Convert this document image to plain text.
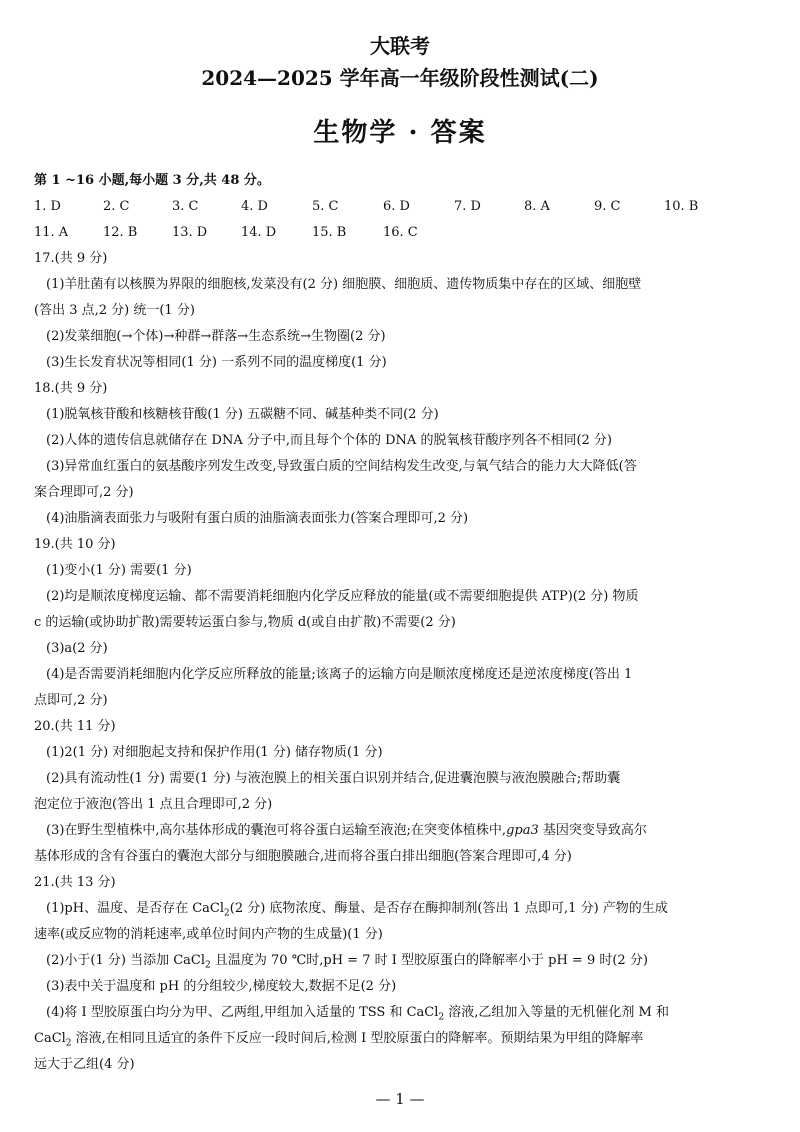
大联考
2024—2025 学年高一年级阶段性测试(二)
生物学 · 答案
第 1 ~16 小题,每小题 3 分,共 48 分。
1. D	2. C	3. C	4. D	5. C	6. D	7. D	8. A	9. C	10. B
11. A	12. B	13. D	14. D	15. B	16. C
17.(共 9 分)
(1)羊肚菌有以核膜为界限的细胞核,发菜没有(2 分) 细胞膜、细胞质、遗传物质集中存在的区域、细胞壁
(答出 3 点,2 分) 统一(1 分)
(2)发菜细胞(→个体)→种群→群落→生态系统→生物圈(2 分)
(3)生长发育状况等相同(1 分) 一系列不同的温度梯度(1 分)
18.(共 9 分)
(1)脱氧核苷酸和核糖核苷酸(1 分) 五碳糖不同、碱基种类不同(2 分)
(2)人体的遗传信息就储存在 DNA 分子中,而且每个个体的 DNA 的脱氧核苷酸序列各不相同(2 分)
(3)异常血红蛋白的氨基酸序列发生改变,导致蛋白质的空间结构发生改变,与氧气结合的能力大大降低(答
案合理即可,2 分)
(4)油脂滴表面张力与吸附有蛋白质的油脂滴表面张力(答案合理即可,2 分)
19.(共 10 分)
(1)变小(1 分) 需要(1 分)
(2)均是顺浓度梯度运输、都不需要消耗细胞内化学反应释放的能量(或不需要细胞提供 ATP)(2 分) 物质
c 的运输(或协助扩散)需要转运蛋白参与,物质 d(或自由扩散)不需要(2 分)
(3)a(2 分)
(4)是否需要消耗细胞内化学反应所释放的能量;该离子的运输方向是顺浓度梯度还是逆浓度梯度(答出 1
点即可,2 分)
20.(共 11 分)
(1)2(1 分) 对细胞起支持和保护作用(1 分) 储存物质(1 分)
(2)具有流动性(1 分) 需要(1 分) 与液泡膜上的相关蛋白识别并结合,促进囊泡膜与液泡膜融合;帮助囊
泡定位于液泡(答出 1 点且合理即可,2 分)
(3)在野生型植株中,高尔基体形成的囊泡可将谷蛋白运输至液泡;在突变体植株中,gpa3 基因突变导致高尔
基体形成的含有谷蛋白的囊泡大部分与细胞膜融合,进而将谷蛋白排出细胞(答案合理即可,4 分)
21.(共 13 分)
(1)pH、温度、是否存在 CaCl$_2$(2 分) 底物浓度、酶量、是否存在酶抑制剂(答出 1 点即可,1 分) 产物的生成
速率(或反应物的消耗速率,或单位时间内产物的生成量)(1 分)
(2)小于(1 分) 当添加 CaCl$_2$ 且温度为 70 ℃时,pH = 7 时 I 型胶原蛋白的降解率小于 pH = 9 时(2 分)
(3)表中关于温度和 pH 的分组较少,梯度较大,数据不足(2 分)
(4)将 I 型胶原蛋白均分为甲、乙两组,甲组加入适量的 TSS 和 CaCl$_2$ 溶液,乙组加入等量的无机催化剂 M 和
CaCl$_2$ 溶液,在相同且适宜的条件下反应一段时间后,检测 I 型胶原蛋白的降解率。预期结果为甲组的降解率
远大于乙组(4 分)
— 1 —
